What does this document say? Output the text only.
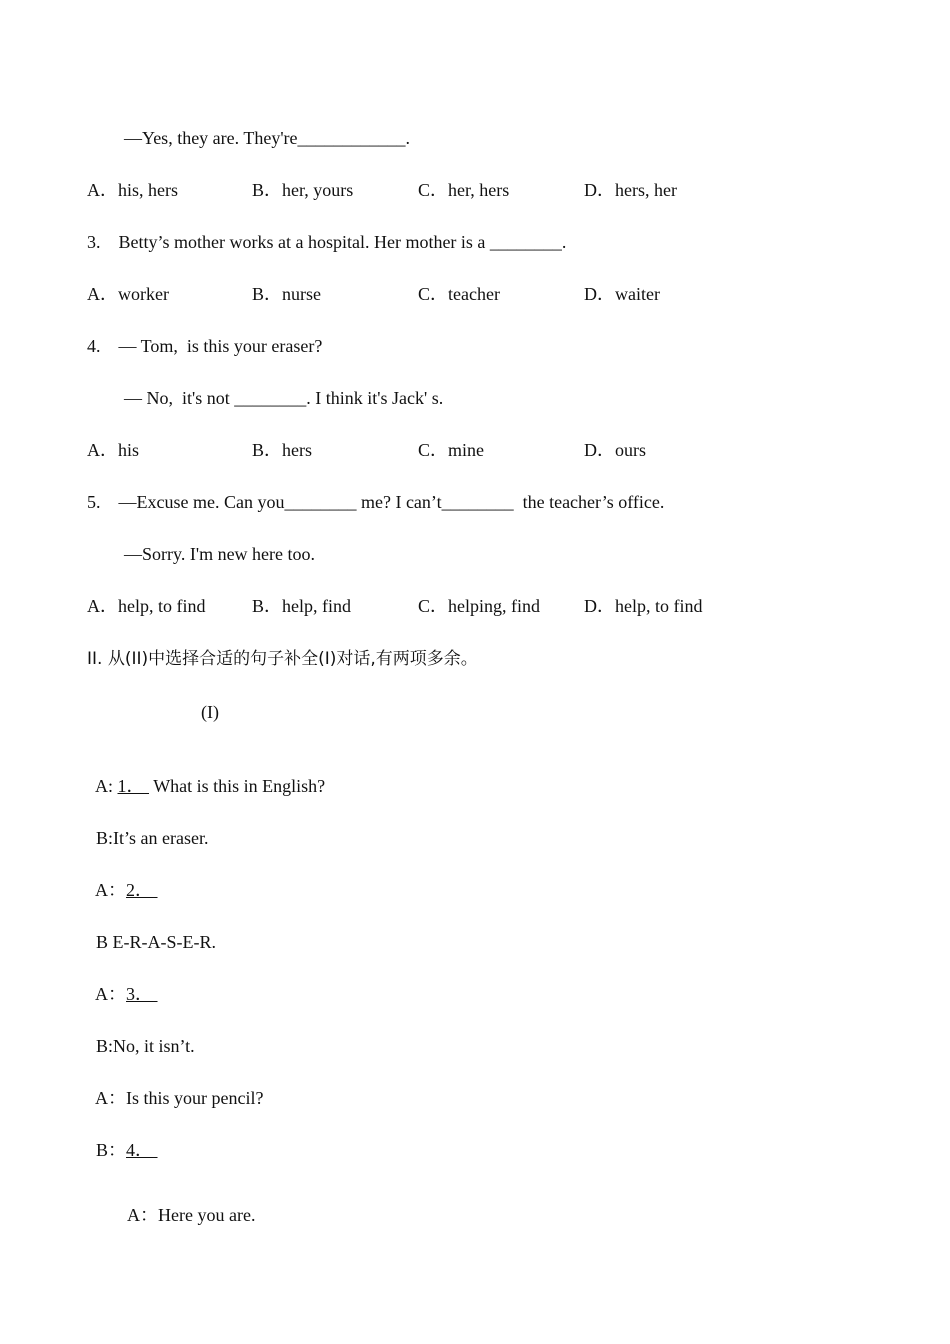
—Yes, they are. They're____________.
A．his, hers	B．her, yours	C．her, hers	D．hers, her
3.    Betty’s mother works at a hospital. Her mother is a ________.
A．worker	B．nurse	C．teacher	D．waiter
4.    — Tom,  is this your eraser?
— No,  it's not ________. I think it's Jack' s.
A．his	B．hers	C．mine	D．ours
5.    —Excuse me. Can you________ me? I can’t________  the teacher’s office.
—Sorry. I'm new here too.
A．help, to find	B．help, find	C．helping, find D．help, to find
II. 从(II)中选择合适的句子补全(I)对话,有两项多余。
(I)

A: 1．  What is this in English?

B:It’s an eraser.

A：2．

B E-R-A-S-E-R.

A：3．

B:No, it isn’t.

A：Is this your pencil?

B：4．

A：Here you are.
